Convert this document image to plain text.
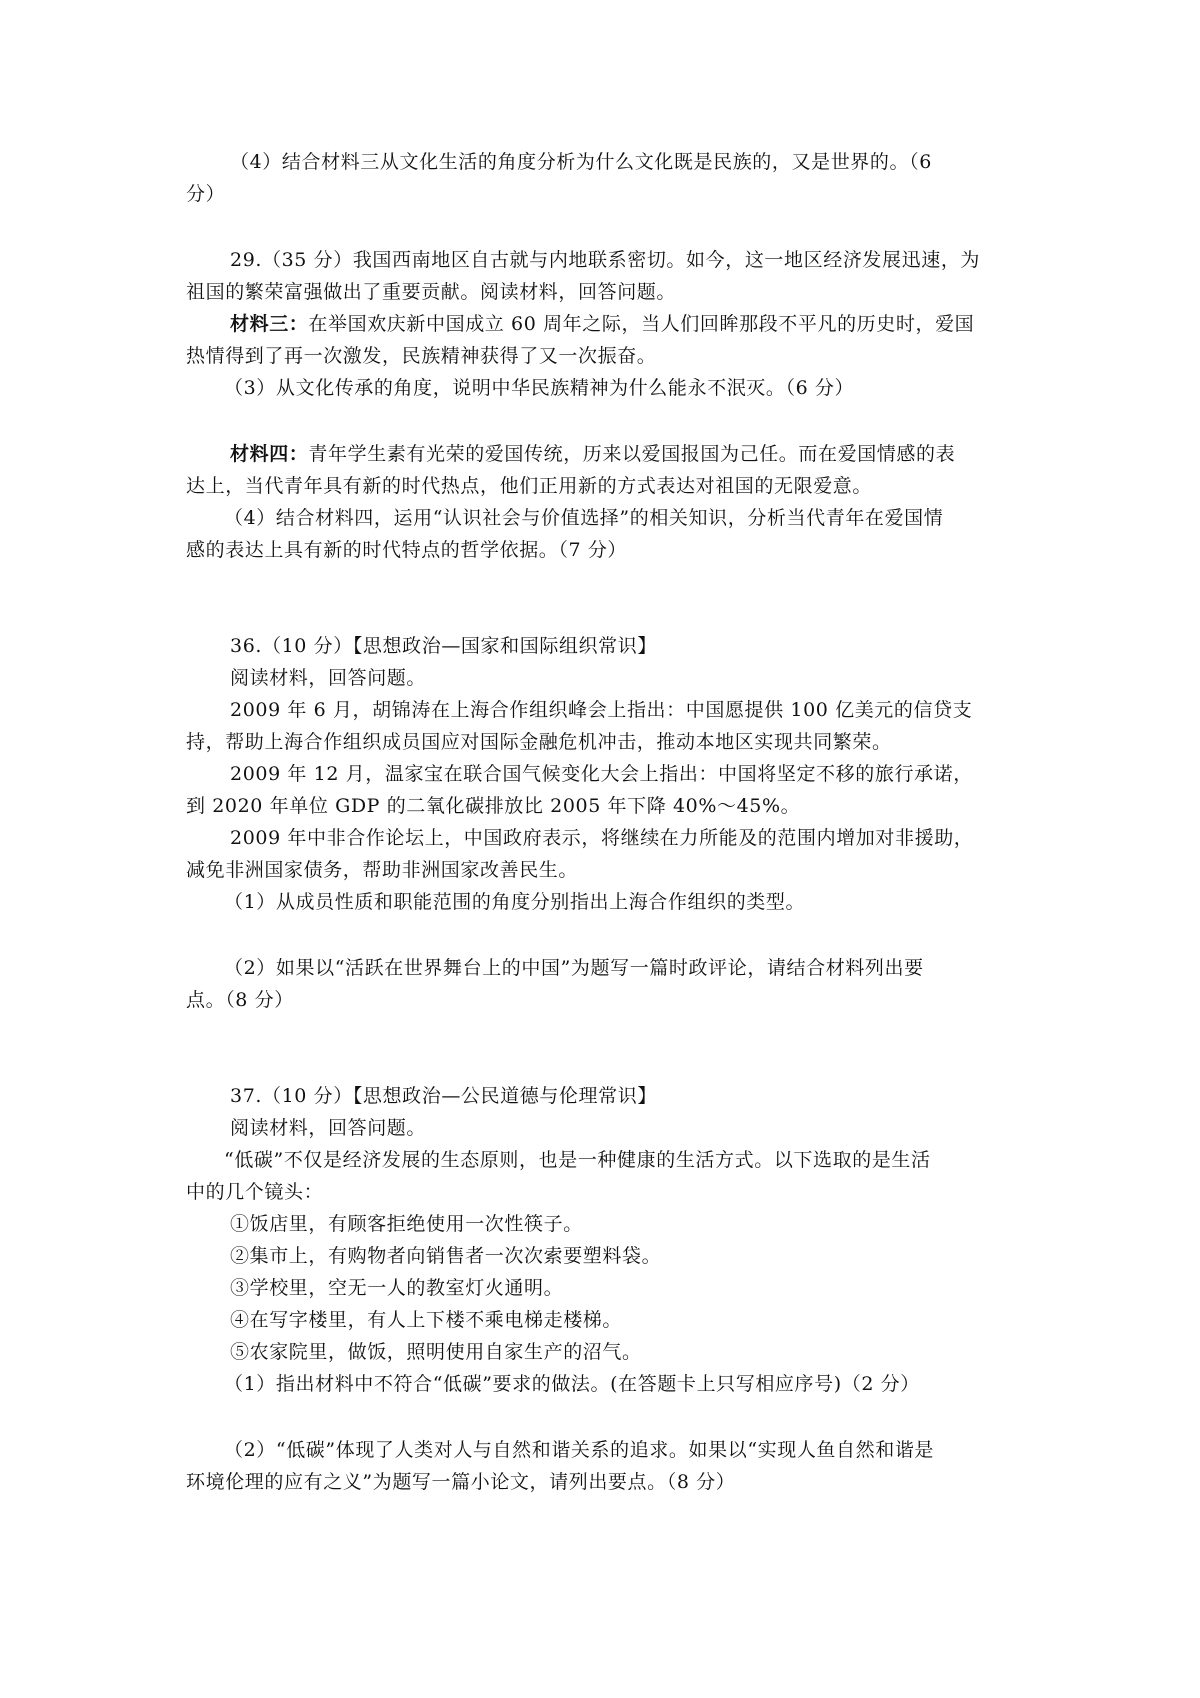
（4）结合材料三从文化生活的角度分析为什么文化既是民族的，又是世界的。（6
分）
29.（35 分）我国西南地区自古就与内地联系密切。如今，这一地区经济发展迅速，为
祖国的繁荣富强做出了重要贡献。阅读材料，回答问题。
材料三：在举国欢庆新中国成立 60 周年之际，当人们回眸那段不平凡的历史时，爱国
热情得到了再一次激发，民族精神获得了又一次振奋。
（3）从文化传承的角度，说明中华民族精神为什么能永不泯灭。（6 分）
材料四：青年学生素有光荣的爱国传统，历来以爱国报国为己任。而在爱国情感的表
达上，当代青年具有新的时代热点，他们正用新的方式表达对祖国的无限爱意。
（4）结合材料四，运用“认识社会与价值选择”的相关知识，分析当代青年在爱国情
感的表达上具有新的时代特点的哲学依据。（7 分）
36.（10 分）【思想政治—国家和国际组织常识】
阅读材料，回答问题。
2009 年 6 月，胡锦涛在上海合作组织峰会上指出：中国愿提供 100 亿美元的信贷支
持，帮助上海合作组织成员国应对国际金融危机冲击，推动本地区实现共同繁荣。
2009 年 12 月，温家宝在联合国气候变化大会上指出：中国将坚定不移的旅行承诺，
到 2020 年单位 GDP 的二氧化碳排放比 2005 年下降 40%～45%。
2009 年中非合作论坛上，中国政府表示，将继续在力所能及的范围内增加对非援助，
减免非洲国家债务，帮助非洲国家改善民生。
（1）从成员性质和职能范围的角度分别指出上海合作组织的类型。
（2）如果以“活跃在世界舞台上的中国”为题写一篇时政评论，请结合材料列出要
点。（8 分）
37.（10 分）【思想政治—公民道德与伦理常识】
阅读材料，回答问题。
“低碳”不仅是经济发展的生态原则，也是一种健康的生活方式。以下选取的是生活
中的几个镜头：
①饭店里，有顾客拒绝使用一次性筷子。
②集市上，有购物者向销售者一次次索要塑料袋。
③学校里，空无一人的教室灯火通明。
④在写字楼里，有人上下楼不乘电梯走楼梯。
⑤农家院里，做饭，照明使用自家生产的沼气。
（1）指出材料中不符合“低碳”要求的做法。(在答题卡上只写相应序号)（2 分）
（2）“低碳”体现了人类对人与自然和谐关系的追求。如果以“实现人鱼自然和谐是
环境伦理的应有之义”为题写一篇小论文，请列出要点。（8 分）
